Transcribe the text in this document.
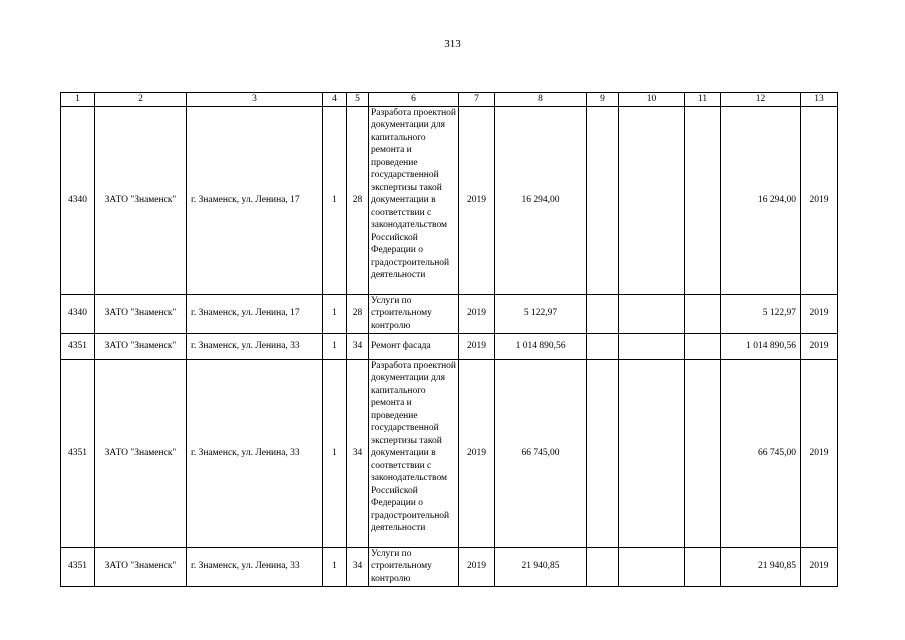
313
1	2	3	4	5	6	7	8	9	10	11	12	13
4340	ЗАТО "Знаменск"	г. Знаменск, ул. Ленина, 17	1	28	Разработа проектной документации для капитального ремонта и проведение государственной экспертизы такой документации в соответствии с законодательством Российской Федерации о градостроительной деятельности	2019	16 294,00				16 294,00	2019
4340	ЗАТО "Знаменск"	г. Знаменск, ул. Ленина, 17	1	28	Услуги по строительному контролю	2019	5 122,97				5 122,97	2019
4351	ЗАТО "Знаменск"	г. Знаменск, ул. Ленина, 33	1	34	Ремонт фасада	2019	1 014 890,56				1 014 890,56	2019
4351	ЗАТО "Знаменск"	г. Знаменск, ул. Ленина, 33	1	34	Разработа проектной документации для капитального ремонта и проведение государственной экспертизы такой документации в соответствии с законодательством Российской Федерации о градостроительной деятельности	2019	66 745,00				66 745,00	2019
4351	ЗАТО "Знаменск"	г. Знаменск, ул. Ленина, 33	1	34	Услуги по строительному контролю	2019	21 940,85				21 940,85	2019
